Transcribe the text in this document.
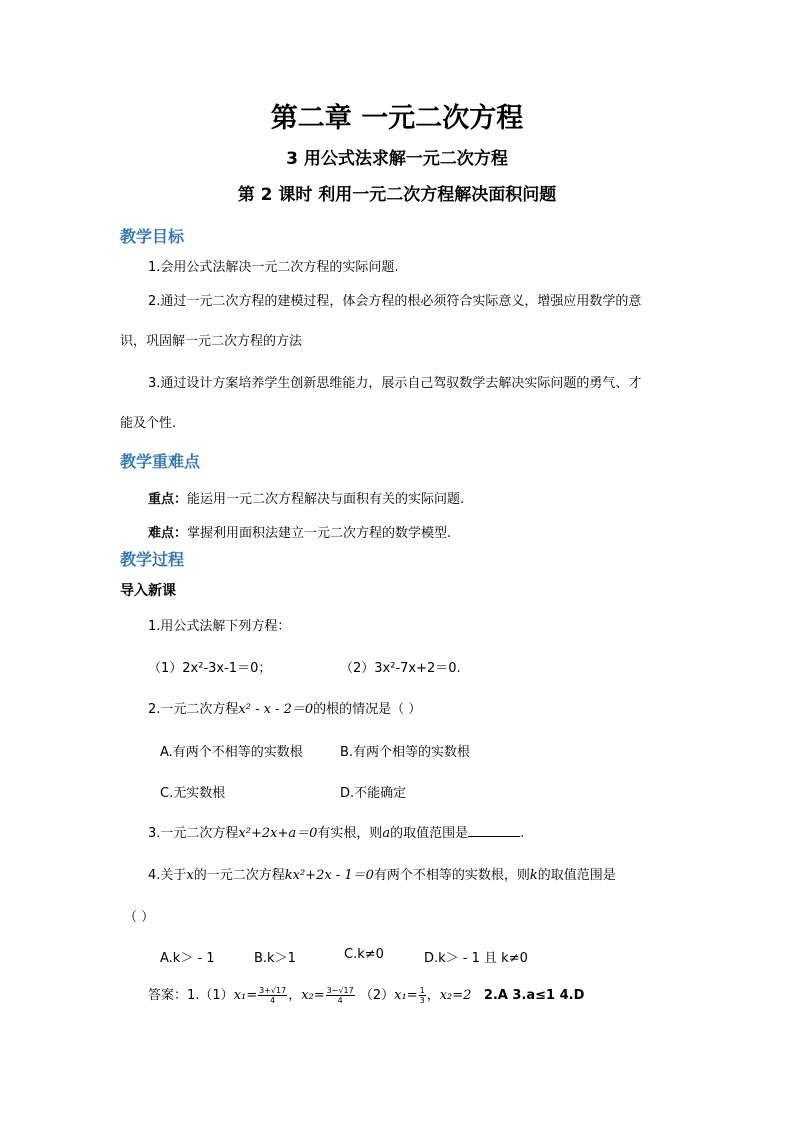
第二章 一元二次方程
3 用公式法求解一元二次方程
第 2 课时 利用一元二次方程解决面积问题
教学目标
1.会用公式法解决一元二次方程的实际问题.
2.通过一元二次方程的建模过程，体会方程的根必须符合实际意义，增强应用数学的意
识，巩固解一元二次方程的方法
3.通过设计方案培养学生创新思维能力，展示自己驾驭数学去解决实际问题的勇气、才
能及个性.
教学重难点
重点：能运用一元二次方程解决与面积有关的实际问题.
难点：掌握利用面积法建立一元二次方程的数学模型.
教学过程
导入新课
1.用公式法解下列方程：
（1）2x²-3x-1＝0；	（2）3x²-7x+2＝0.
2.一元二次方程x² - x - 2＝0的根的情况是（ ）
A.有两个不相等的实数根	B.有两个相等的实数根
C.无实数根	D.不能确定
3.一元二次方程x²+2x+a＝0有实根，则a的取值范围是	.
4.关于x的一元二次方程kx²+2x - 1＝0有两个不相等的实数根，则k的取值范围是
（ ）
A.k＞ - 1	B.k＞1	C.k≠0	D.k＞ - 1 且 k≠0
答案：$1.(1)x_1= \frac{3+√17}{4}$ ，$x_2= \frac{3-√17}{4} (2)x_1= \frac{1}{3}$ ，x₂=2 2.A 3.a≤1 4.D
